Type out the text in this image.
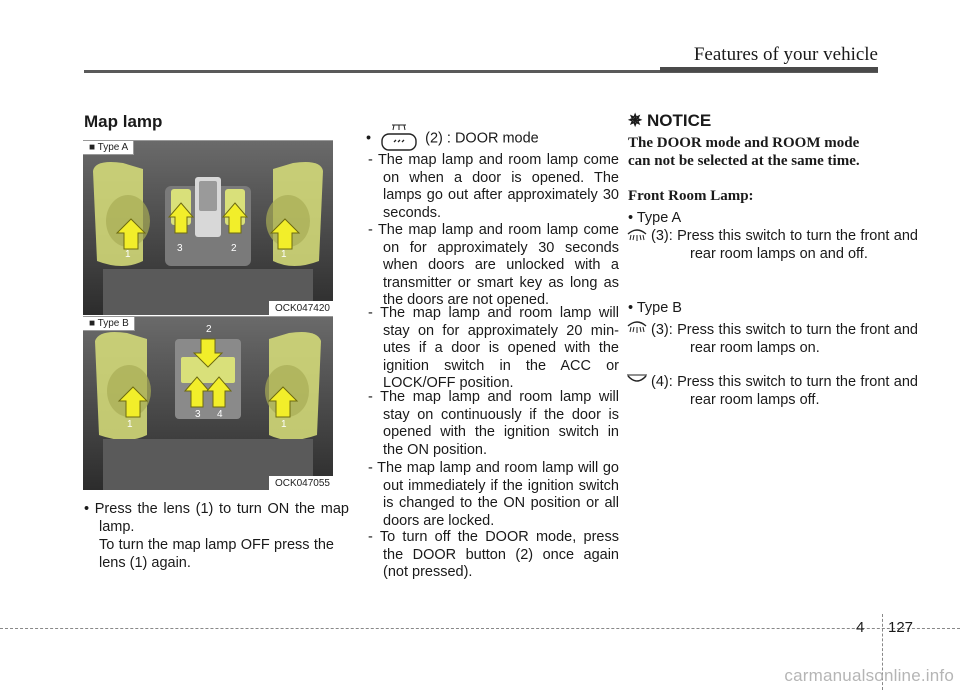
Features of your vehicle
Map lamp
■ Type A
1	1
3	2
OCK047420
■ Type B
2
1	1
3 4
OCK047055
• Press the lens (1) to turn ON the map lamp.
To turn the map lamp OFF press the lens (1) again.
•	(2) : DOOR mode
- The map lamp and room lamp come on when a door is opened. The lamps go out after approximately 30 seconds.
- The map lamp and room lamp come on for approximately 30 seconds when doors are unlocked with a transmitter or smart key as long as the doors are not opened.
- The map lamp and room lamp will stay on for approximately 20 minutes if a door is opened with the ignition switch in the ACC or LOCK/OFF position.
- The map lamp and room lamp will stay on continuously if the door is opened with the ignition switch in the ON position.
- The map lamp and room lamp will go out immediately if the ignition switch is changed to the ON position or all doors are locked.
- To turn off the DOOR mode, press the DOOR button (2) once again (not pressed).
✵ NOTICE
The DOOR mode and ROOM mode can not be selected at the same time.
Front Room Lamp:
• Type A
(3): Press this switch to turn the front and rear room lamps on and off.
• Type B
(3): Press this switch to turn the front and rear room lamps on.
(4): Press this switch to turn the front and rear room lamps off.
4 127
carmanualsonline.info
